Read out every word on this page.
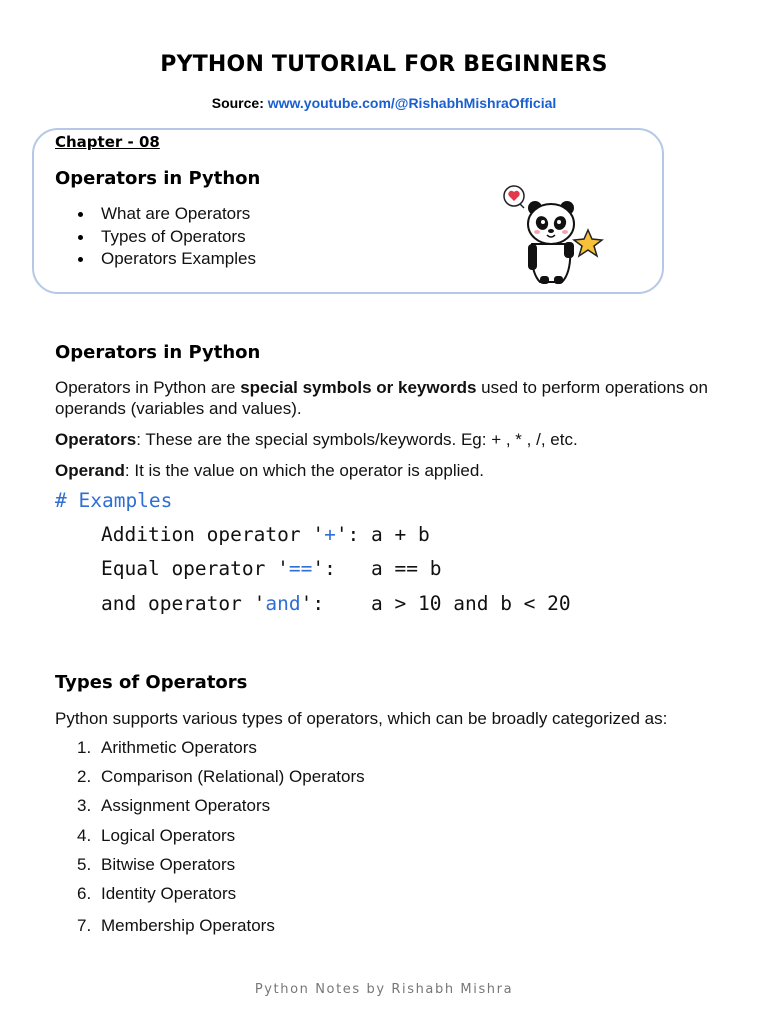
PYTHON TUTORIAL FOR BEGINNERS
Source: www.youtube.com/@RishabhMishraOfficial
Chapter - 08
Operators in Python
What are Operators
Types of Operators
Operators Examples
Operators in Python

Operators in Python are special symbols or keywords used to perform operations on operands (variables and values).

Operators: These are the special symbols/keywords. Eg: + , * , /, etc.

Operand: It is the value on which the operator is applied.

# Examples
Addition operator '+': a + b
Equal operator '==':   a == b
and operator 'and':    a > 10 and b < 20
Types of Operators

Python supports various types of operators, which can be broadly categorized as:

1. Arithmetic Operators
2. Comparison (Relational) Operators
3. Assignment Operators
4. Logical Operators
5. Bitwise Operators
6. Identity Operators
7. Membership Operators
Python Notes by Rishabh Mishra
